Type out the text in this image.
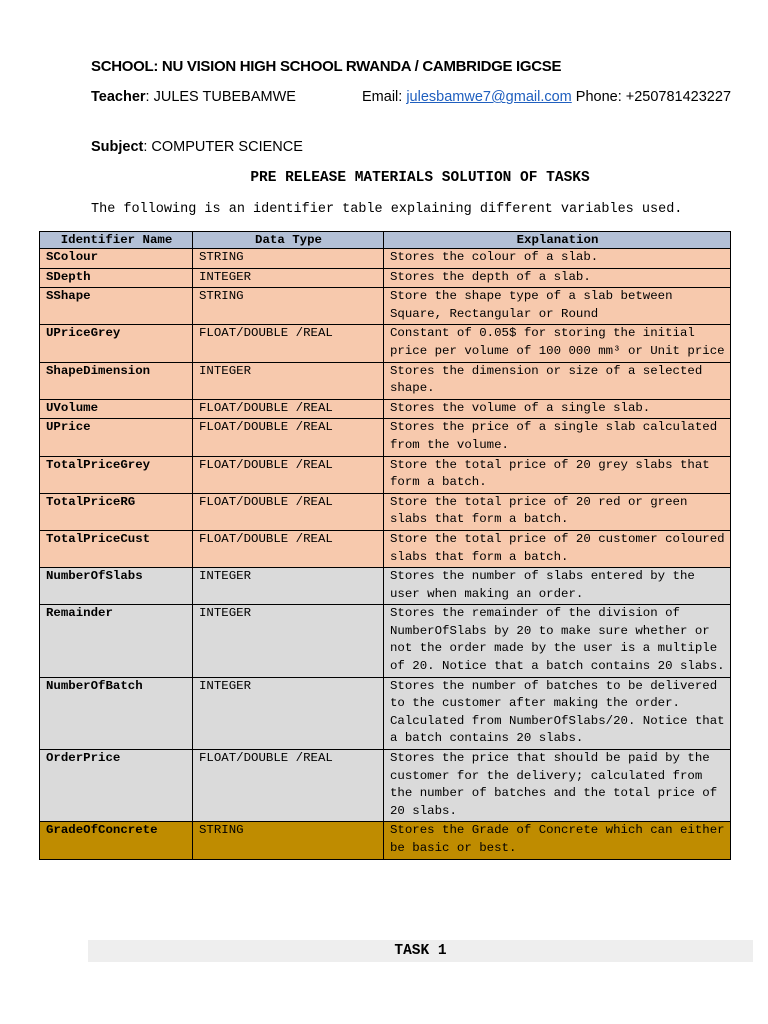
SCHOOL: NU VISION HIGH SCHOOL RWANDA / CAMBRIDGE IGCSE
Teacher: JULES TUBEBAMWE	Email: julesbamwe7@gmail.com Phone: +250781423227
Subject: COMPUTER SCIENCE
PRE RELEASE MATERIALS SOLUTION OF TASKS
The following is an identifier table explaining different variables used.
Identifier Name	Data Type	Explanation
SColour	STRING	Stores the colour of a slab.
SDepth	INTEGER	Stores the depth of a slab.
SShape	STRING	Store the shape type of a slab between Square, Rectangular or Round
UPriceGrey	FLOAT/DOUBLE /REAL	Constant of 0.05$ for storing the initial price per volume of 100 000 mm³ or Unit price
ShapeDimension	INTEGER	Stores the dimension or size of a selected shape.
UVolume	FLOAT/DOUBLE /REAL	Stores the volume of a single slab.
UPrice	FLOAT/DOUBLE /REAL	Stores the price of a single slab calculated from the volume.
TotalPriceGrey	FLOAT/DOUBLE /REAL	Store the total price of 20 grey slabs that form a batch.
TotalPriceRG	FLOAT/DOUBLE /REAL	Store the total price of 20 red or green slabs that form a batch.
TotalPriceCust	FLOAT/DOUBLE /REAL	Store the total price of 20 customer coloured slabs that form a batch.
NumberOfSlabs	INTEGER	Stores the number of slabs entered by the user when making an order.
Remainder	INTEGER	Stores the remainder of the division of NumberOfSlabs by 20 to make sure whether or not the order made by the user is a multiple of 20. Notice that a batch contains 20 slabs.
NumberOfBatch	INTEGER	Stores the number of batches to be delivered to the customer after making the order. Calculated from NumberOfSlabs/20. Notice that a batch contains 20 slabs.
OrderPrice	FLOAT/DOUBLE /REAL	Stores the price that should be paid by the customer for the delivery; calculated from the number of batches and the total price of 20 slabs.
GradeOfConcrete	STRING	Stores the Grade of Concrete which can either be basic or best.
TASK 1
